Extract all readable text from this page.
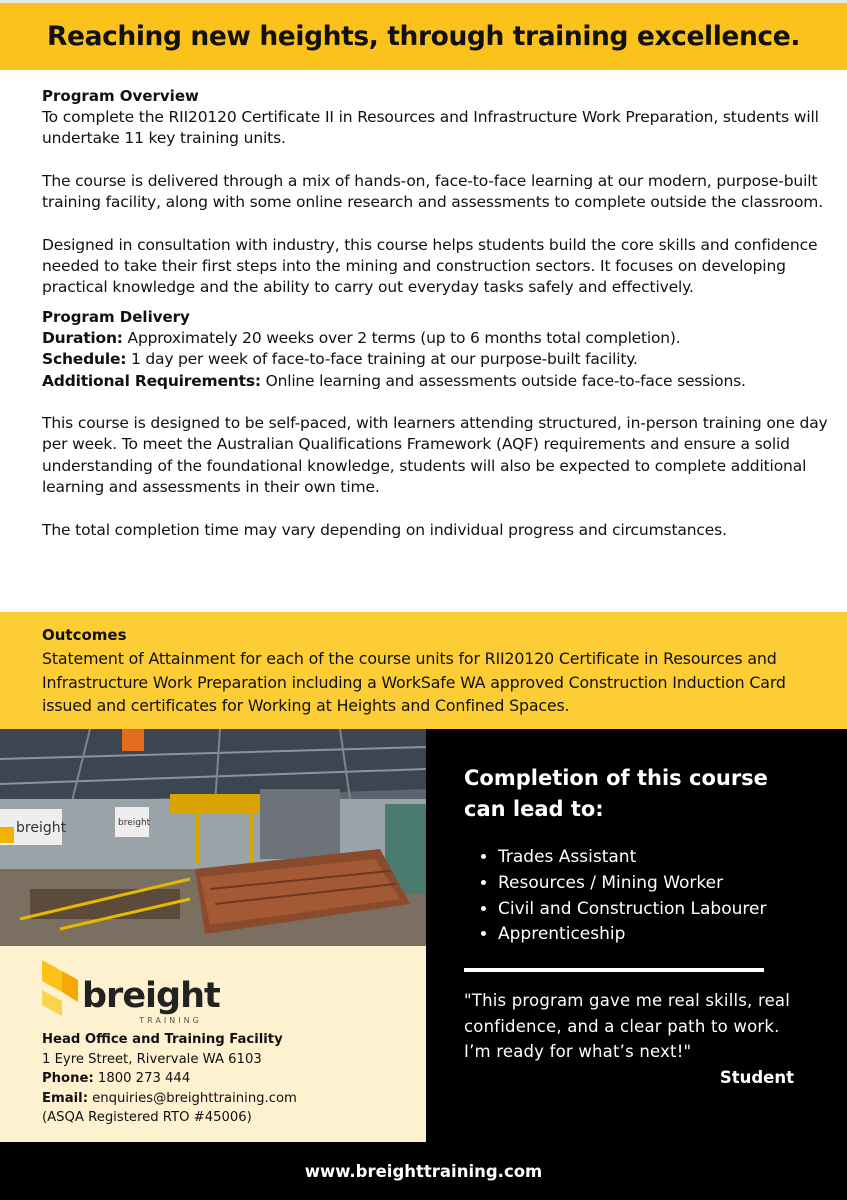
Reaching new heights, through training excellence.

Program Overview

To complete the RII20120 Certificate II in Resources and Infrastructure Work Preparation, students will undertake 11 key training units.

The course is delivered through a mix of hands-on, face-to-face learning at our modern, purpose-built training facility, along with some online research and assessments to complete outside the classroom.

Designed in consultation with industry, this course helps students build the core skills and confidence needed to take their first steps into the mining and construction sectors. It focuses on developing practical knowledge and the ability to carry out everyday tasks safely and effectively.

Program Delivery

Duration: Approximately 20 weeks over 2 terms (up to 6 months total completion).

Schedule: 1 day per week of face-to-face training at our purpose-built facility.

Additional Requirements: Online learning and assessments outside face-to-face sessions.

This course is designed to be self-paced, with learners attending structured, in-person training one day per week. To meet the Australian Qualifications Framework (AQF) requirements and ensure a solid understanding of the foundational knowledge, students will also be expected to complete additional learning and assessments in their own time.

The total completion time may vary depending on individual progress and circumstances.

Outcomes

Statement of Attainment for each of the course units for RII20120 Certificate in Resources and Infrastructure Work Preparation including a WorkSafe WA approved Construction Induction Card issued and certificates for Working at Heights and Confined Spaces.

breight	breight
breight
TRAINING

Head Office and Training Facility

1 Eyre Street, Rivervale WA 6103

Phone: 1800 273 444

Email: enquiries@breighttraining.com

(ASQA Registered RTO #45006)

Completion of this course can lead to:
• Trades Assistant
• Resources / Mining Worker
• Civil and Construction Labourer
• Apprenticeship

"This program gave me real skills, real confidence, and a clear path to work. I’m ready for what’s next!"

Student

www.breighttraining.com
